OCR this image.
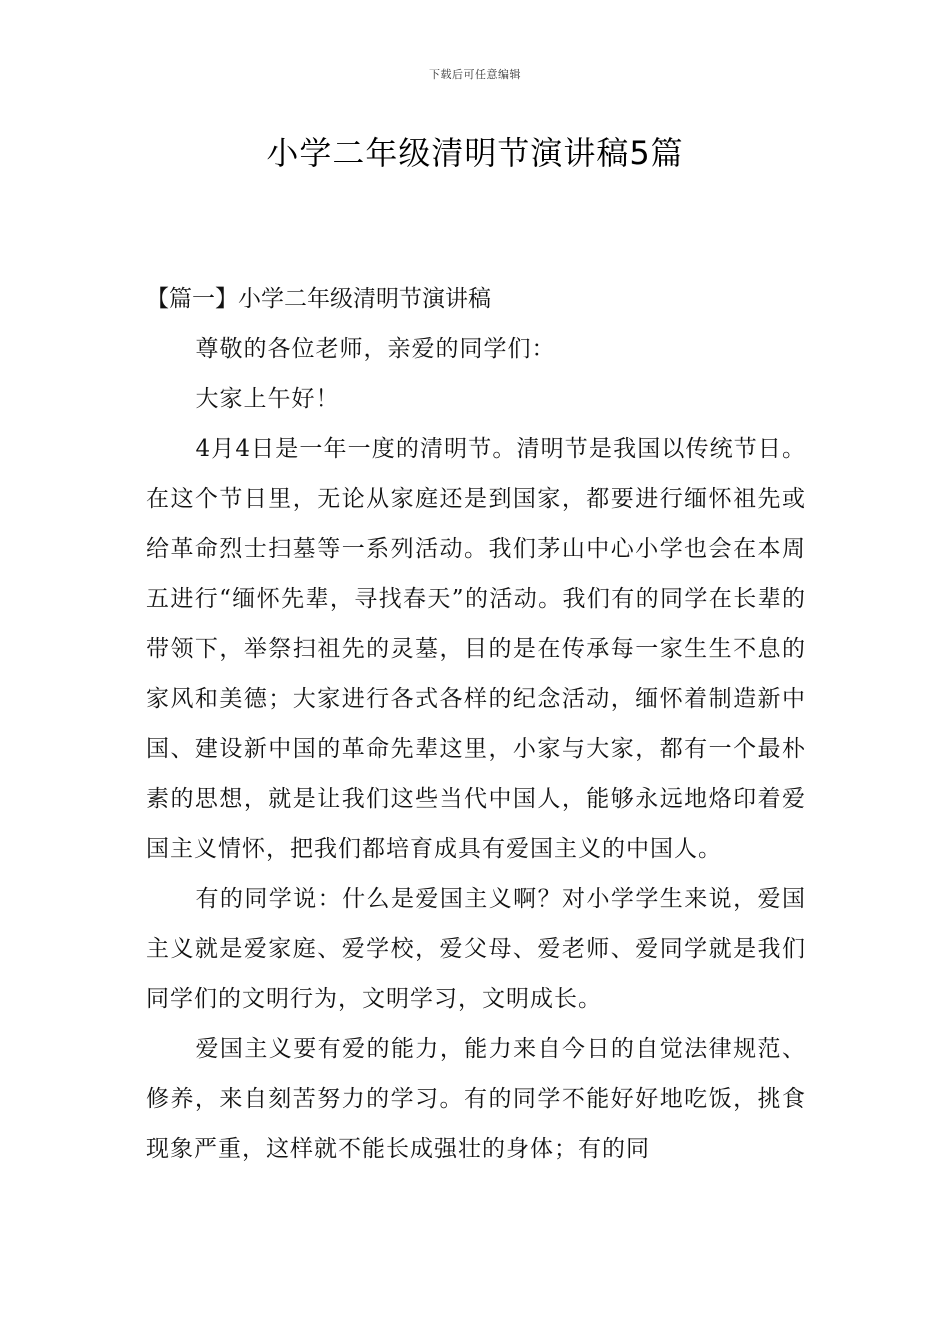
下载后可任意编辑
小学二年级清明节演讲稿5篇

【篇一】小学二年级清明节演讲稿

尊敬的各位老师，亲爱的同学们：

大家上午好！

4月4日是一年一度的清明节。清明节是我国以传统节日。在这个节日里，无论从家庭还是到国家，都要进行缅怀祖先或给革命烈士扫墓等一系列活动。我们茅山中心小学也会在本周五进行“缅怀先辈，寻找春天”的活动。我们有的同学在长辈的带领下，举祭扫祖先的灵墓，目的是在传承每一家生生不息的家风和美德；大家进行各式各样的纪念活动，缅怀着制造新中国、建设新中国的革命先辈这里，小家与大家，都有一个最朴素的思想，就是让我们这些当代中国人，能够永远地烙印着爱国主义情怀，把我们都培育成具有爱国主义的中国人。

有的同学说：什么是爱国主义啊？对小学学生来说，爱国主义就是爱家庭、爱学校，爱父母、爱老师、爱同学就是我们同学们的文明行为，文明学习，文明成长。

爱国主义要有爱的能力，能力来自今日的自觉法律规范、修养，来自刻苦努力的学习。有的同学不能好好地吃饭，挑食现象严重，这样就不能长成强壮的身体；有的同
